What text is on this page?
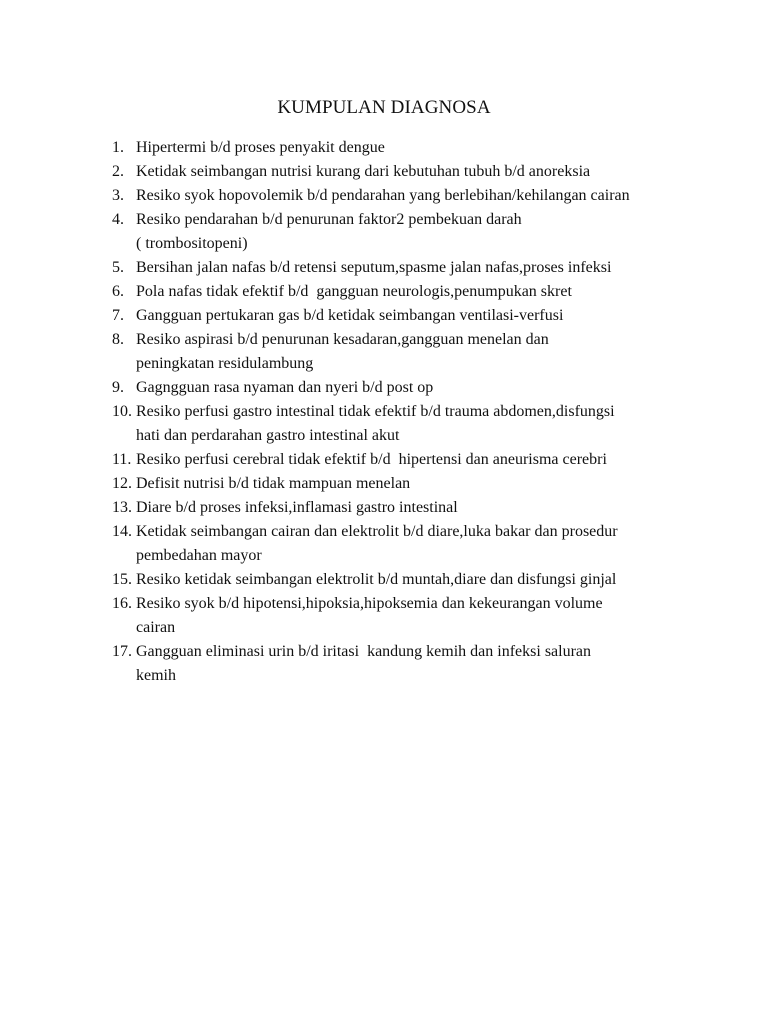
KUMPULAN DIAGNOSA
1. Hipertermi b/d proses penyakit dengue
2. Ketidak seimbangan nutrisi kurang dari kebutuhan tubuh b/d anoreksia
3. Resiko syok hopovolemik b/d pendarahan yang berlebihan/kehilangan cairan
4. Resiko pendarahan b/d penurunan faktor2 pembekuan darah
( trombositopeni)
5. Bersihan jalan nafas b/d retensi seputum,spasme jalan nafas,proses infeksi
6. Pola nafas tidak efektif b/d  gangguan neurologis,penumpukan skret
7. Gangguan pertukaran gas b/d ketidak seimbangan ventilasi-verfusi
8. Resiko aspirasi b/d penurunan kesadaran,gangguan menelan dan
peningkatan residulambung
9. Gagngguan rasa nyaman dan nyeri b/d post op
10. Resiko perfusi gastro intestinal tidak efektif b/d trauma abdomen,disfungsi
hati dan perdarahan gastro intestinal akut
11. Resiko perfusi cerebral tidak efektif b/d  hipertensi dan aneurisma cerebri
12. Defisit nutrisi b/d tidak mampuan menelan
13. Diare b/d proses infeksi,inflamasi gastro intestinal
14. Ketidak seimbangan cairan dan elektrolit b/d diare,luka bakar dan prosedur
pembedahan mayor
15. Resiko ketidak seimbangan elektrolit b/d muntah,diare dan disfungsi ginjal
16. Resiko syok b/d hipotensi,hipoksia,hipoksemia dan kekeurangan volume
cairan
17. Gangguan eliminasi urin b/d iritasi  kandung kemih dan infeksi saluran
kemih
